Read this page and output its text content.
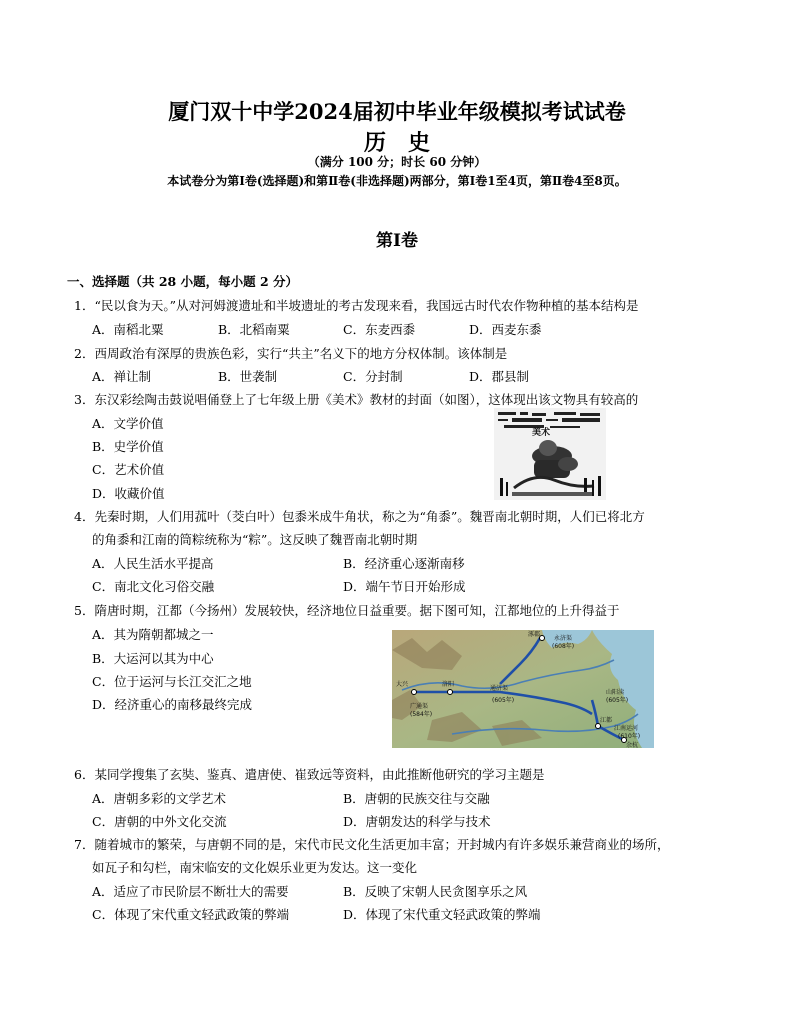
厦门双十中学2024届初中毕业年级模拟考试试卷
历史
（满分 100 分；时长 60 分钟）
本试卷分为第Ⅰ卷(选择题)和第Ⅱ卷(非选择题)两部分，第Ⅰ卷1至4页，第Ⅱ卷4至8页。
第Ⅰ卷
一、选择题（共 28 小题，每小题 2 分）
1．“民以食为天。”从对河姆渡遗址和半坡遗址的考古发现来看，我国远古时代农作物种植的基本结构是
A．南稻北粟	B．北稻南粟	C．东麦西黍	D．西麦东黍
2．西周政治有深厚的贵族色彩，实行“共主”名义下的地方分权体制。该体制是
A．禅让制	B．世袭制	C．分封制	D．郡县制
3．东汉彩绘陶击鼓说唱俑登上了七年级上册《美术》教材的封面（如图），这体现出该文物具有较高的
A．文学价值
B．史学价值
C．艺术价值
D．收藏价值
美术
4．先秦时期，人们用菰叶（茭白叶）包黍米成牛角状，称之为“角黍”。魏晋南北朝时期，人们已将北方
的角黍和江南的筒粽统称为“粽”。这反映了魏晋南北朝时期
A．人民生活水平提高	B．经济重心逐渐南移
C．南北文化习俗交融	D．端午节日开始形成
5．隋唐时期，江都（今扬州）发展较快，经济地位日益重要。据下图可知，江都地位的上升得益于
A．其为隋朝都城之一
B．大运河以其为中心
C．位于运河与长江交汇之地
D．经济重心的南移最终完成
永济渠
(608年)
涿郡
通济渠
(605年)
山阳渎
(605年)
广通渠
(584年)
江南运河
(610年)
洛阳
大兴
江都
余杭
6．某同学搜集了玄奘、鉴真、遣唐使、崔致远等资料，由此推断他研究的学习主题是
A．唐朝多彩的文学艺术	B．唐朝的民族交往与交融
C．唐朝的中外文化交流	D．唐朝发达的科学与技术
7．随着城市的繁荣，与唐朝不同的是，宋代市民文化生活更加丰富；开封城内有许多娱乐兼营商业的场所，
如瓦子和勾栏，南宋临安的文化娱乐业更为发达。这一变化
A．适应了市民阶层不断壮大的需要	B．反映了宋朝人民贪图享乐之风
C．体现了宋代重文轻武政策的弊端	D．体现了宋代重文轻武政策的弊端
